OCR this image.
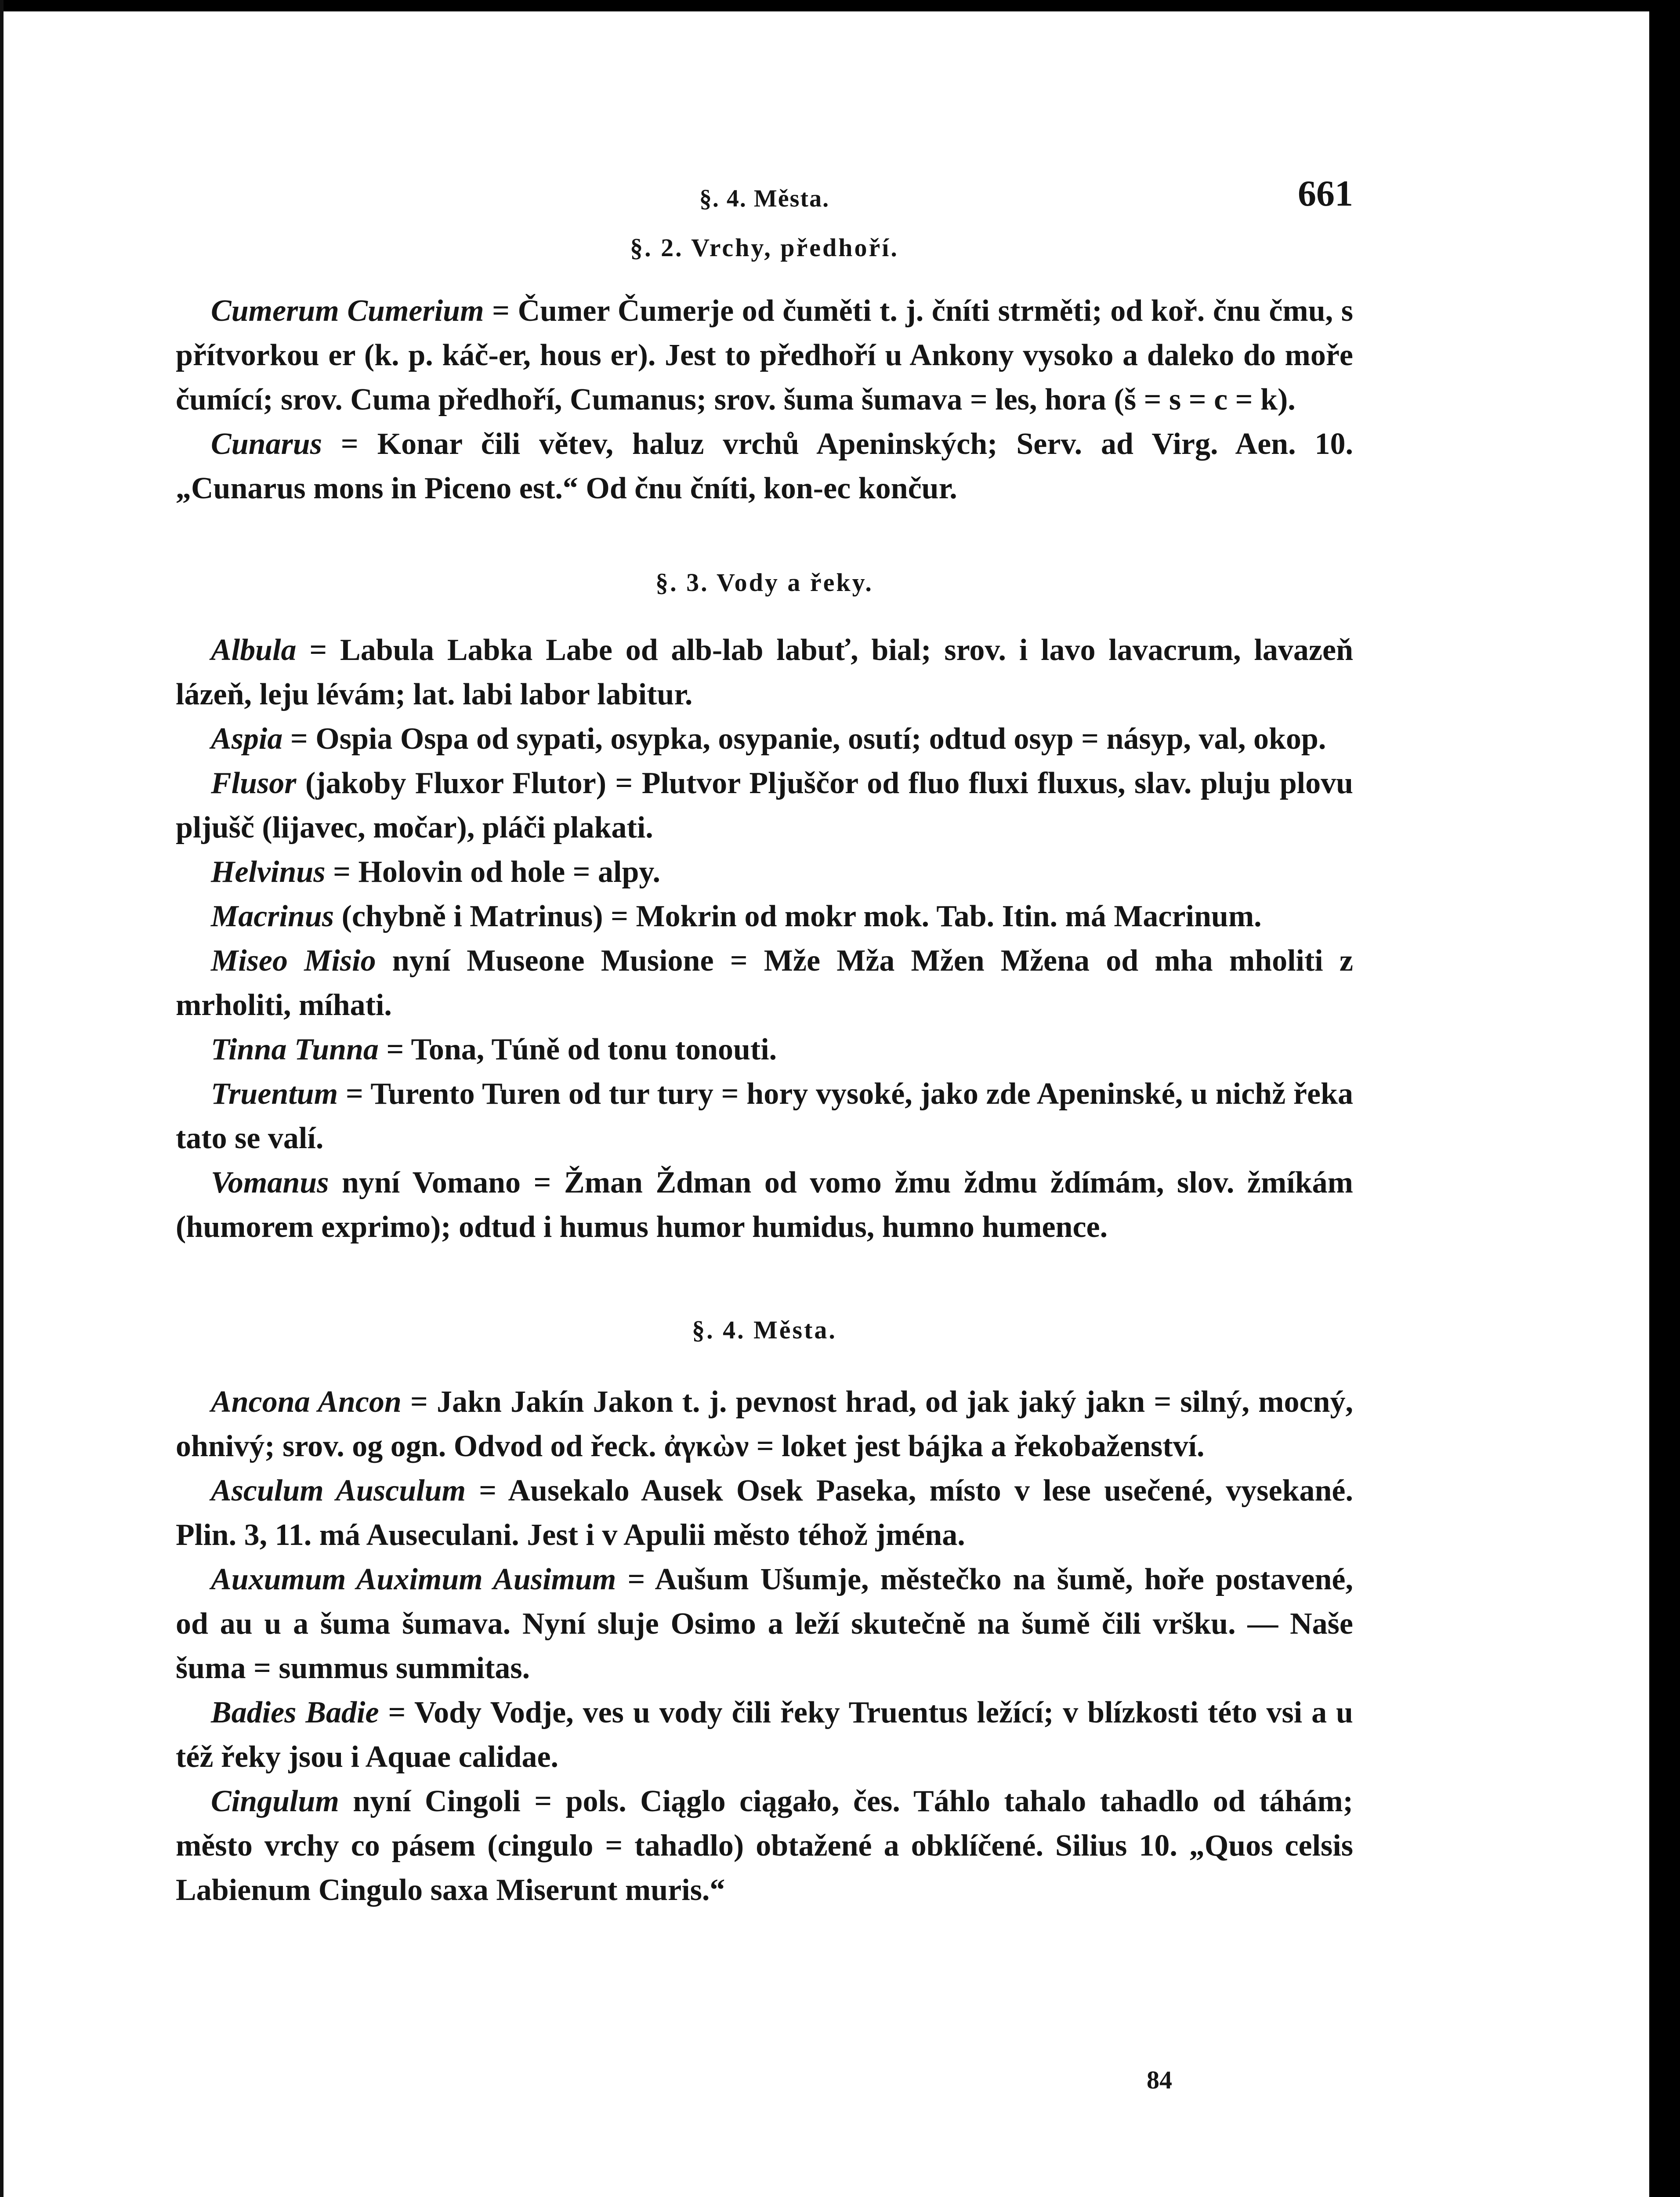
§. 4. Města.	661
§. 2. Vrchy, předhoří.

Cumerum Cumerium = Čumer Čumerje od čuměti t. j. čníti strměti; od koř. čnu čmu, s přítvorkou er (k. p. káč-er, hous er). Jest to předhoří u Ankony vysoko a daleko do moře čumící; srov. Cuma předhoří, Cumanus; srov. šuma šumava = les, hora (š = s = c = k).

Cunarus = Konar čili větev, haluz vrchů Apeninských; Serv. ad Virg. Aen. 10. „Cunarus mons in Piceno est.“ Od čnu čníti, kon-ec končur.

§. 3. Vody a řeky.

Albula = Labula Labka Labe od alb-lab labuť, bial; srov. i lavo lavacrum, lavazeň lázeň, leju lévám; lat. labi labor labitur.

Aspia = Ospia Ospa od sypati, osypka, osypanie, osutí; odtud osyp = násyp, val, okop.

Flusor (jakoby Fluxor Flutor) = Plutvor Pljuščor od fluo fluxi fluxus, slav. pluju plovu pljušč (lijavec, močar), pláči plakati.

Helvinus = Holovin od hole = alpy.

Macrinus (chybně i Matrinus) = Mokrin od mokr mok. Tab. Itin. má Macrinum.

Miseo Misio nyní Museone Musione = Mže Mža Mžen Mžena od mha mholiti z mrholiti, míhati.

Tinna Tunna = Tona, Túně od tonu tonouti.

Truentum = Turento Turen od tur tury = hory vysoké, jako zde Apeninské, u nichž řeka tato se valí.

Vomanus nyní Vomano = Žman Ždman od vomo žmu ždmu ždímám, slov. žmíkám (humorem exprimo); odtud i humus humor humidus, humno humence.

§. 4. Města.

Ancona Ancon = Jakn Jakín Jakon t. j. pevnost hrad, od jak jaký jakn = silný, mocný, ohnivý; srov. og ogn. Odvod od řeck. ἀγκὼν = loket jest bájka a řekobaženství.

Asculum Ausculum = Ausekalo Ausek Osek Paseka, místo v lese usečené, vysekané. Plin. 3, 11. má Auseculani. Jest i v Apulii město téhož jména.

Auxumum Auximum Ausimum = Aušum Ušumje, městečko na šumě, hoře postavené, od au u a šuma šumava. Nyní sluje Osimo a leží skutečně na šumě čili vršku. — Naše šuma = summus summitas.

Badies Badie = Vody Vodje, ves u vody čili řeky Truentus ležící; v blízkosti této vsi a u též řeky jsou i Aquae calidae.

Cingulum nyní Cingoli = pols. Ciąglo ciągało, čes. Táhlo tahalo tahadlo od táhám; město vrchy co pásem (cingulo = tahadlo) obtažené a obklíčené. Silius 10. „Quos celsis Labienum Cingulo saxa Miserunt muris.“

84
